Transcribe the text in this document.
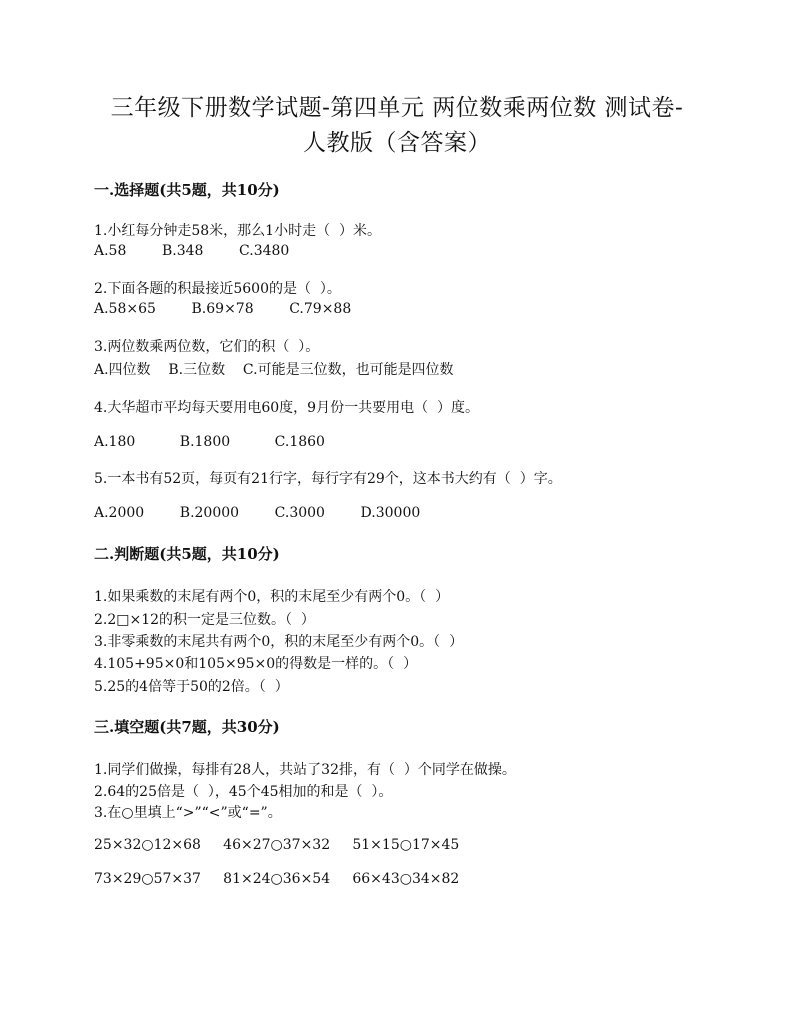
三年级下册数学试题-第四单元 两位数乘两位数 测试卷-
人教版（含答案）
一.选择题(共5题，共10分)
1.小红每分钟走58米，那么1小时走（  ）米。
A.58        B.348        C.3480
2.下面各题的积最接近5600的是（  ）。
A.58×65        B.69×78        C.79×88
3.两位数乘两位数，它们的积（  ）。
A.四位数    B.三位数    C.可能是三位数，也可能是四位数
4.大华超市平均每天要用电60度，9月份一共要用电（  ）度。
A.180          B.1800          C.1860
5.一本书有52页，每页有21行字，每行字有29个，这本书大约有（  ）字。
A.2000        B.20000        C.3000        D.30000
二.判断题(共5题，共10分)
1.如果乘数的末尾有两个0，积的末尾至少有两个0。（  ）
2.2□×12的积一定是三位数。（  ）
3.非零乘数的末尾共有两个0，积的末尾至少有两个0。（  ）
4.105+95×0和105×95×0的得数是一样的。（  ）
5.25的4倍等于50的2倍。（  ）
三.填空题(共7题，共30分)
1.同学们做操，每排有28人，共站了32排，有（  ）个同学在做操。
2.64的25倍是（  ），45个45相加的和是（  ）。
3.在○里填上“>”“<”或“=”。
25×32○12×68     46×27○37×32     51×15○17×45
73×29○57×37     81×24○36×54     66×43○34×82
